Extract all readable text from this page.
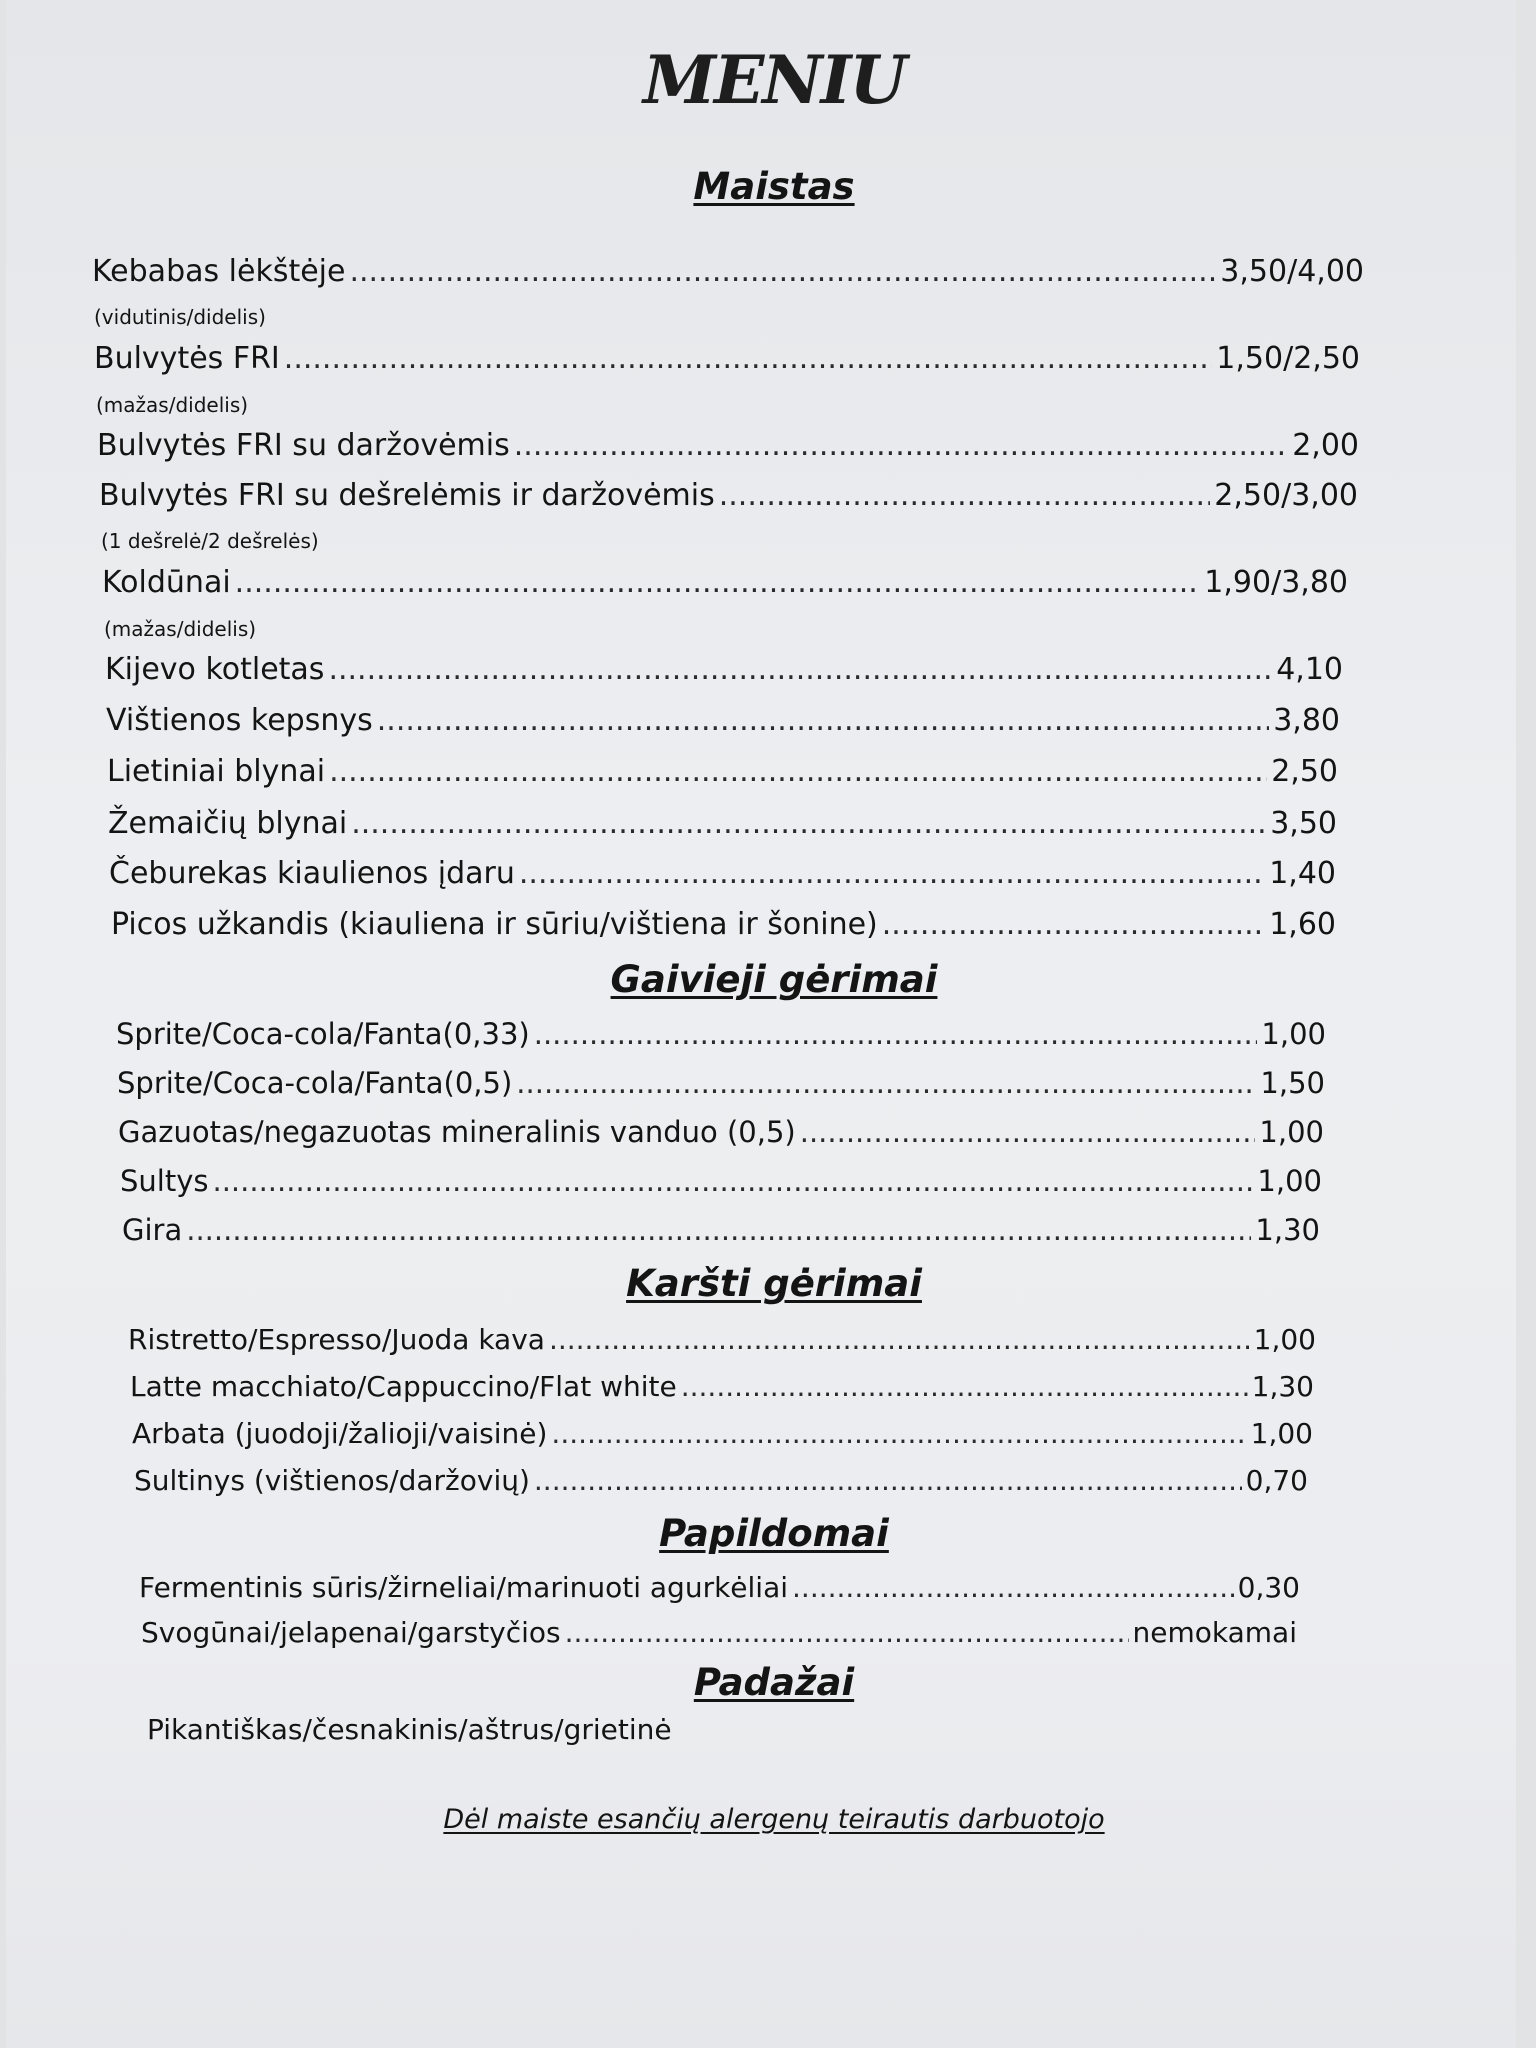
MENIU
Maistas
Kebabas lėkštėje .....	3,50/4,00
(vidutinis/didelis)
Bulvytės FRI .....	1,50/2,50
(mažas/didelis)
Bulvytės FRI su daržovėmis .....	2,00
Bulvytės FRI su dešrelėmis ir daržovėmis .....	2,50/3,00
(1 dešrelė/2 dešrelės)
Koldūnai .....	1,90/3,80
(mažas/didelis)
Kijevo kotletas .....	4,10
Vištienos kepsnys .....	3,80
Lietiniai blynai .....	2,50
Žemaičių blynai .....	3,50
Čeburekas kiaulienos įdaru .....	1,40
Picos užkandis (kiauliena ir sūriu/vištiena ir šonine) .....	1,60
Gaivieji gėrimai
Sprite/Coca-cola/Fanta(0,33) .....	1,00
Sprite/Coca-cola/Fanta(0,5) .....	1,50
Gazuotas/negazuotas mineralinis vanduo (0,5) .....	1,00
Sultys .....	1,00
Gira .....	1,30
Karšti gėrimai
Ristretto/Espresso/Juoda kava .....	1,00
Latte macchiato/Cappuccino/Flat white .....	1,30
Arbata (juodoji/žalioji/vaisinė) .....	1,00
Sultinys (vištienos/daržovių) .....	0,70
Papildomai
Fermentinis sūris/žirneliai/marinuoti agurkėliai .....	0,30
Svogūnai/jelapenai/garstyčios .....	nemokamai
Padažai
Pikantiškas/česnakinis/aštrus/grietinė
Dėl maiste esančių alergenų teirautis darbuotojo
